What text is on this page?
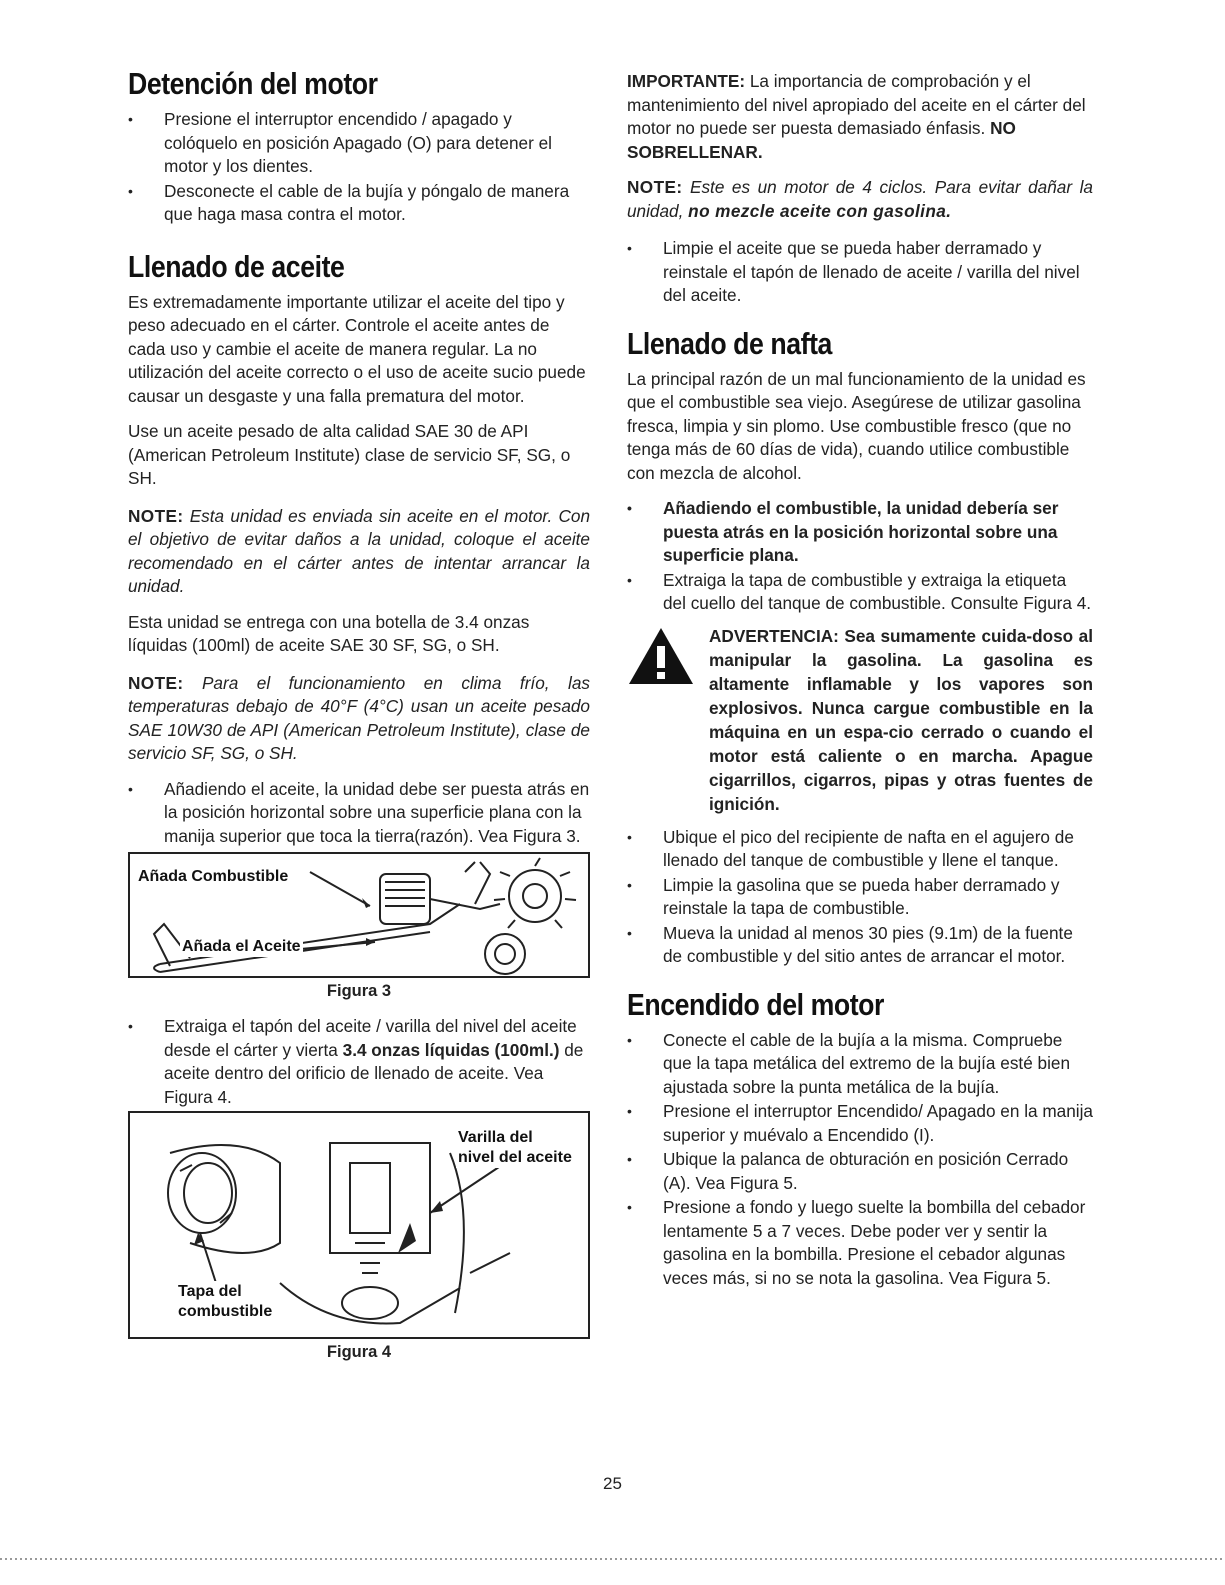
Detención del motor
• Presione el interruptor encendido / apagado y colóquelo en posición Apagado (O) para detener el motor y los dientes.
• Desconecte el cable de la bujía y póngalo de manera que haga masa contra el motor.
Llenado de aceite

Es extremadamente importante utilizar el aceite del tipo y peso adecuado en el cárter. Controle el aceite antes de cada uso y cambie el aceite de manera regular. La no utilización del aceite correcto o el uso de aceite sucio puede causar un desgaste y una falla prematura del motor.

Use un aceite pesado de alta calidad SAE 30 de API (American Petroleum Institute) clase de servicio SF, SG, o SH.

NOTE: Esta unidad es enviada sin aceite en el motor. Con el objetivo de evitar daños a la unidad, coloque el aceite recomendado en el cárter antes de intentar arrancar la unidad.

Esta unidad se entrega con una botella de 3.4 onzas líquidas (100ml) de aceite SAE 30 SF, SG, o SH.

NOTE: Para el funcionamiento en clima frío, las temperaturas debajo de 40°F (4°C) usan un aceite pesado SAE 10W30 de API (American Petroleum Institute), clase de servicio SF, SG, o SH.

• Añadiendo el aceite, la unidad debe ser puesta atrás en la posición horizontal sobre una superficie plana con la manija superior que toca la tierra(razón). Vea Figura 3.
Añada Combustible
Añada el Aceite
Figura 3
• Extraiga el tapón del aceite / varilla del nivel del aceite desde el cárter y vierta 3.4 onzas líquidas (100ml.) de aceite dentro del orificio de llenado de aceite. Vea Figura 4.
Varilla del
nivel del aceite
Tapa del
combustible
Figura 4

IMPORTANTE: La importancia de comprobación y el mantenimiento del nivel apropiado del aceite en el cárter del motor no puede ser puesta demasiado énfasis. NO SOBRELLENAR.

NOTE: Este es un motor de 4 ciclos. Para evitar dañar la unidad, no mezcle aceite con gasolina.

• Limpie el aceite que se pueda haber derramado y reinstale el tapón de llenado de aceite / varilla del nivel del aceite.
Llenado de nafta

La principal razón de un mal funcionamiento de la unidad es que el combustible sea viejo. Asegúrese de utilizar gasolina fresca, limpia y sin plomo. Use combustible fresco (que no tenga más de 60 días de vida), cuando utilice combustible con mezcla de alcohol.

• Añadiendo el combustible, la unidad debería ser puesta atrás en la posición horizontal sobre una superficie plana.
• Extraiga la tapa de combustible y extraiga la etiqueta del cuello del tanque de combustible. Consulte Figura 4.

ADVERTENCIA: Sea sumamente cuida-doso al manipular la gasolina. La gasolina es altamente inflamable y los vapores son explosivos. Nunca cargue combustible en la máquina en un espa-cio cerrado o cuando el motor está caliente o en marcha. Apague cigarrillos, cigarros, pipas y otras fuentes de ignición.

• Ubique el pico del recipiente de nafta en el agujero de llenado del tanque de combustible y llene el tanque.
• Limpie la gasolina que se pueda haber derramado y reinstale la tapa de combustible.
• Mueva la unidad al menos 30 pies (9.1m) de la fuente de combustible y del sitio antes de arrancar el motor.
Encendido del motor
• Conecte el cable de la bujía a la misma. Compruebe que la tapa metálica del extremo de la bujía esté bien ajustada sobre la punta metálica de la bujía.
• Presione el interruptor Encendido/ Apagado en la manija superior y muévalo a Encendido (I).
• Ubique la palanca de obturación en posición Cerrado (A). Vea Figura 5.
• Presione a fondo y luego suelte la bombilla del cebador lentamente 5 a 7 veces. Debe poder ver y sentir la gasolina en la bombilla. Presione el cebador algunas veces más, si no se nota la gasolina. Vea Figura 5.
25
